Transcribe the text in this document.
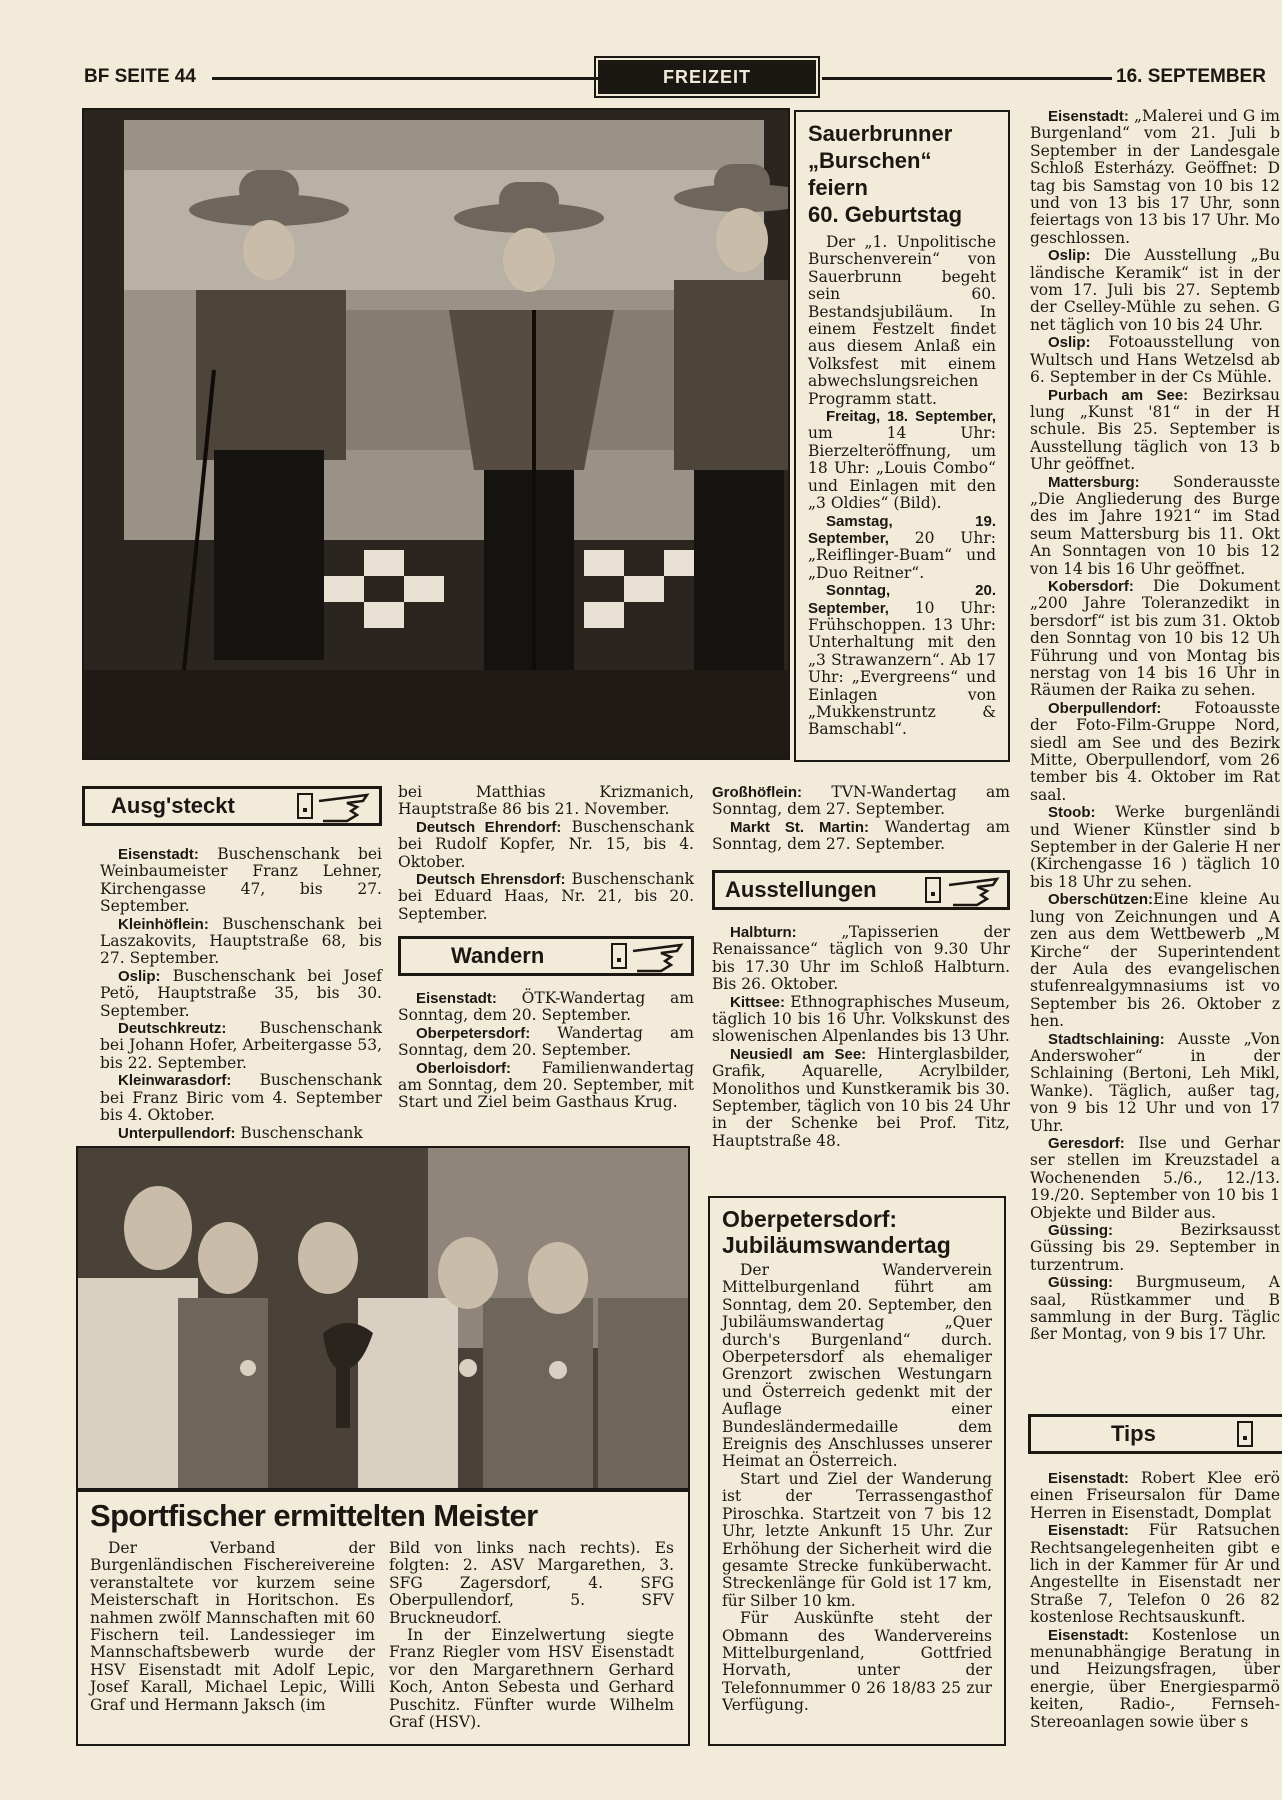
BF SEITE 44	FREIZEIT	16. SEPTEMBER
Sauerbrunner
„Burschen“
feiern
60. Geburtstag

Der „1. Unpolitische Burschenverein“ von Sauerbrunn begeht sein 60. Bestandsjubiläum. In einem Festzelt findet aus diesem Anlaß ein Volksfest mit einem abwechslungsreichen Programm statt.

Freitag, 18. September, um 14 Uhr: Bierzelteröffnung, um 18 Uhr: „Louis Combo“ und Einlagen mit den „3 Oldies“ (Bild).

Samstag, 19. September, 20 Uhr: „Reiflinger-Buam“ und „Duo Reitner“.

Sonntag, 20. September, 10 Uhr: Frühschoppen. 13 Uhr: Unterhaltung mit den „3 Strawanzern“. Ab 17 Uhr: „Evergreens“ und Einlagen von „Mukkenstruntz & Bamschabl“.

Eisenstadt: „Malerei und G im Burgenland“ vom 21. Juli b September in der Landesgale Schloß Esterházy. Geöffnet: D tag bis Samstag von 10 bis 12 und von 13 bis 17 Uhr, sonn feiertags von 13 bis 17 Uhr. Mo geschlossen.

Oslip: Die Ausstellung „Bu ländische Keramik“ ist in der vom 17. Juli bis 27. Septemb der Cselley-Mühle zu sehen. G net täglich von 10 bis 24 Uhr.

Oslip: Fotoausstellung von Wultsch und Hans Wetzelsd ab 6. September in der Cs Mühle.

Purbach am See: Bezirksau lung „Kunst '81“ in der H schule. Bis 25. September is Ausstellung täglich von 13 b Uhr geöffnet.

Mattersburg: Sonderausste „Die Angliederung des Burge des im Jahre 1921“ im Stad seum Mattersburg bis 11. Okt An Sonntagen von 10 bis 12 von 14 bis 16 Uhr geöffnet.

Kobersdorf: Die Dokument „200 Jahre Toleranzedikt in bersdorf“ ist bis zum 31. Oktob den Sonntag von 10 bis 12 Uh Führung und von Montag bis nerstag von 14 bis 16 Uhr in Räumen der Raika zu sehen.

Oberpullendorf: Fotoausste der Foto-Film-Gruppe Nord, siedl am See und des Bezirk Mitte, Oberpullendorf, vom 26 tember bis 4. Oktober im Rat saal.

Stoob: Werke burgenländi und Wiener Künstler sind b September in der Galerie H ner (Kirchengasse 16 ) täglich 10 bis 18 Uhr zu sehen.

Oberschützen:Eine kleine Au lung von Zeichnungen und A zen aus dem Wettbewerb „M Kirche“ der Superintendent der Aula des evangelischen stufenrealgymnasiums ist vo September bis 26. Oktober z hen.

Stadtschlaining: Ausste „Von Anderswoher“ in der Schlaining (Bertoni, Leh Mikl, Wanke). Täglich, außer tag, von 9 bis 12 Uhr und von 17 Uhr.

Geresdorf: Ilse und Gerhar ser stellen im Kreuzstadel a Wochenenden 5./6., 12./13. 19./20. September von 10 bis 1 Objekte und Bilder aus.

Güssing: Bezirksausst Güssing bis 29. September in turzentrum.

Güssing: Burgmuseum, A saal, Rüstkammer und B sammlung in der Burg. Täglic ßer Montag, von 9 bis 17 Uhr.

Tips

Eisenstadt: Robert Klee erö einen Friseursalon für Dame Herren in Eisenstadt, Domplat

Eisenstadt: Für Ratsuchen Rechtsangelegenheiten gibt e lich in der Kammer für Ar und Angestellte in Eisenstadt ner Straße 7, Telefon 0 26 82 kostenlose Rechtsauskunft.

Eisenstadt: Kostenlose un menunabhängige Beratung in und Heizungsfragen, über energie, über Energiesparmö keiten, Radio-, Fernseh- Stereoanlagen sowie über s

Ausg'steckt

Eisenstadt: Buschenschank bei Weinbaumeister Franz Lehner, Kirchengasse 47, bis 27. September.

Kleinhöflein: Buschenschank bei Laszakovits, Hauptstraße 68, bis 27. September.

Oslip: Buschenschank bei Josef Petö, Hauptstraße 35, bis 30. September.

Deutschkreutz: Buschenschank bei Johann Hofer, Arbeitergasse 53, bis 22. September.

Kleinwarasdorf: Buschenschank bei Franz Biric vom 4. September bis 4. Oktober.

Unterpullendorf: Buschenschank

bei Matthias Krizmanich, Hauptstraße 86 bis 21. November.

Deutsch Ehrendorf: Buschenschank bei Rudolf Kopfer, Nr. 15, bis 4. Oktober.

Deutsch Ehrensdorf: Buschenschank bei Eduard Haas, Nr. 21, bis 20. September.

Wandern

Eisenstadt: ÖTK-Wandertag am Sonntag, dem 20. September.

Oberpetersdorf: Wandertag am Sonntag, dem 20. September.

Oberloisdorf: Familienwandertag am Sonntag, dem 20. September, mit Start und Ziel beim Gasthaus Krug.

Großhöflein: TVN-Wandertag am Sonntag, dem 27. September.

Markt St. Martin: Wandertag am Sonntag, dem 27. September.

Ausstellungen

Halbturn: „Tapisserien der Renaissance“ täglich von 9.30 Uhr bis 17.30 Uhr im Schloß Halbturn. Bis 26. Oktober.

Kittsee: Ethnographisches Museum, täglich 10 bis 16 Uhr. Volkskunst des slowenischen Alpenlandes bis 13 Uhr.

Neusiedl am See: Hinterglasbilder, Grafik, Aquarelle, Acrylbilder, Monolithos und Kunstkeramik bis 30. September, täglich von 10 bis 24 Uhr in der Schenke bei Prof. Titz, Hauptstraße 48.

Sportfischer ermittelten Meister

Der Verband der Burgenländischen Fischereivereine veranstaltete vor kurzem seine Meisterschaft in Horitschon. Es nahmen zwölf Mannschaften mit 60 Fischern teil. Landessieger im Mannschaftsbewerb wurde der HSV Eisenstadt mit Adolf Lepic, Josef Karall, Michael Lepic, Willi Graf und Hermann Jaksch (im

Bild von links nach rechts). Es folgten: 2. ASV Margarethen, 3. SFG Zagersdorf, 4. SFG Oberpullendorf, 5. SFV Bruckneudorf.

In der Einzelwertung siegte Franz Riegler vom HSV Eisenstadt vor den Margarethnern Gerhard Koch, Anton Sebesta und Gerhard Puschitz. Fünfter wurde Wilhelm Graf (HSV).

Oberpetersdorf:
Jubiläumswandertag

Der Wanderverein Mittelburgenland führt am Sonntag, dem 20. September, den Jubiläumswandertag „Quer durch's Burgenland“ durch. Oberpetersdorf als ehemaliger Grenzort zwischen Westungarn und Österreich gedenkt mit der Auflage einer Bundesländermedaille dem Ereignis des Anschlusses unserer Heimat an Österreich.

Start und Ziel der Wanderung ist der Terrassengasthof Piroschka. Startzeit von 7 bis 12 Uhr, letzte Ankunft 15 Uhr. Zur Erhöhung der Sicherheit wird die gesamte Strecke funküberwacht. Streckenlänge für Gold ist 17 km, für Silber 10 km.

Für Auskünfte steht der Obmann des Wandervereins Mittelburgenland, Gottfried Horvath, unter der Telefonnummer 0 26 18/83 25 zur Verfügung.
